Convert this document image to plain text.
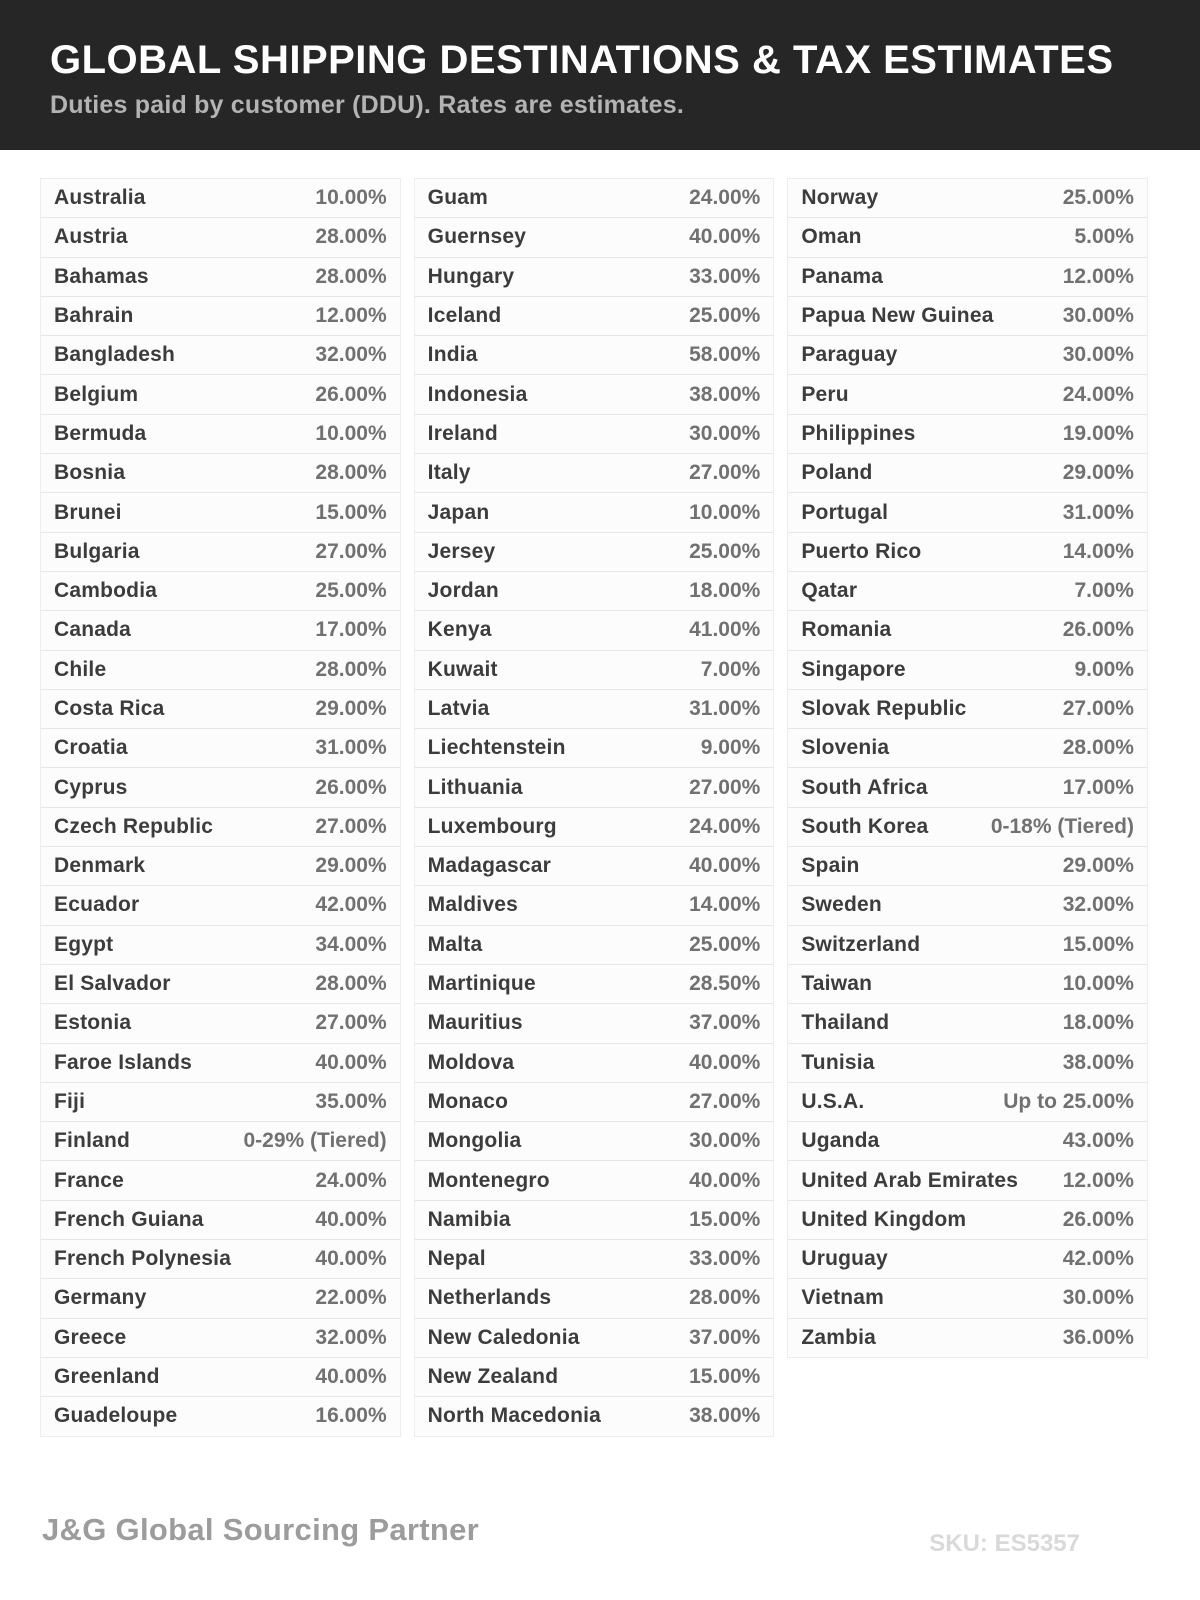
GLOBAL SHIPPING DESTINATIONS & TAX ESTIMATES
Duties paid by customer (DDU). Rates are estimates.
Australia	10.00%
Austria	28.00%
Bahamas	28.00%
Bahrain	12.00%
Bangladesh	32.00%
Belgium	26.00%
Bermuda	10.00%
Bosnia	28.00%
Brunei	15.00%
Bulgaria	27.00%
Cambodia	25.00%
Canada	17.00%
Chile	28.00%
Costa Rica	29.00%
Croatia	31.00%
Cyprus	26.00%
Czech Republic	27.00%
Denmark	29.00%
Ecuador	42.00%
Egypt	34.00%
El Salvador	28.00%
Estonia	27.00%
Faroe Islands	40.00%
Fiji	35.00%
Finland	0-29% (Tiered)
France	24.00%
French Guiana	40.00%
French Polynesia	40.00%
Germany	22.00%
Greece	32.00%
Greenland	40.00%
Guadeloupe	16.00%
Guam	24.00%
Guernsey	40.00%
Hungary	33.00%
Iceland	25.00%
India	58.00%
Indonesia	38.00%
Ireland	30.00%
Italy	27.00%
Japan	10.00%
Jersey	25.00%
Jordan	18.00%
Kenya	41.00%
Kuwait	7.00%
Latvia	31.00%
Liechtenstein	9.00%
Lithuania	27.00%
Luxembourg	24.00%
Madagascar	40.00%
Maldives	14.00%
Malta	25.00%
Martinique	28.50%
Mauritius	37.00%
Moldova	40.00%
Monaco	27.00%
Mongolia	30.00%
Montenegro	40.00%
Namibia	15.00%
Nepal	33.00%
Netherlands	28.00%
New Caledonia	37.00%
New Zealand	15.00%
North Macedonia	38.00%
Norway	25.00%
Oman	5.00%
Panama	12.00%
Papua New Guinea	30.00%
Paraguay	30.00%
Peru	24.00%
Philippines	19.00%
Poland	29.00%
Portugal	31.00%
Puerto Rico	14.00%
Qatar	7.00%
Romania	26.00%
Singapore	9.00%
Slovak Republic	27.00%
Slovenia	28.00%
South Africa	17.00%
South Korea	0-18% (Tiered)
Spain	29.00%
Sweden	32.00%
Switzerland	15.00%
Taiwan	10.00%
Thailand	18.00%
Tunisia	38.00%
U.S.A.	Up to 25.00%
Uganda	43.00%
United Arab Emirates 12.00%
United Kingdom	26.00%
Uruguay	42.00%
Vietnam	30.00%
Zambia	36.00%
J&G Global Sourcing Partner	SKU: ES5357
